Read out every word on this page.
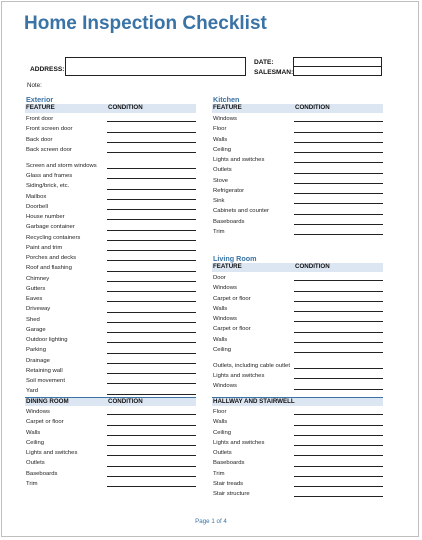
Home Inspection Checklist
ADDRESS:
DATE:
SALESMAN:
Note:
Exterior
FEATURE	CONDITION
Front door
Front screen door
Back door
Back screen door
Screen and storm windows
Glass and frames
Siding/brick, etc.
Mailbox
Doorbell
House number
Garbage container
Recycling containers
Paint and trim
Porches and decks
Roof and flashing
Chimney
Gutters
Eaves
Driveway
Shed
Garage
Outdoor lighting
Parking
Drainage
Retaining wall
Soil movement
Yard
DINING ROOM	CONDITION
Windows
Carpet or floor
Walls
Ceiling
Lights and switches
Outlets
Baseboards
Trim
Kitchen
FEATURE	CONDITION
Windows
Floor
Walls
Ceiling
Lights and switches
Outlets
Stove
Refrigerator
Sink
Cabinets and counter
Baseboards
Trim
Living Room
FEATURE	CONDITION
Door
Windows
Carpet or floor
Walls
Windows
Carpet or floor
Walls
Ceiling
Outlets, including cable outlet
Lights and switches
Windows
HALLWAY AND STAIRWELL
Floor
Walls
Ceiling
Lights and switches
Outlets
Baseboards
Trim
Stair treads
Stair structure
Page 1 of 4
